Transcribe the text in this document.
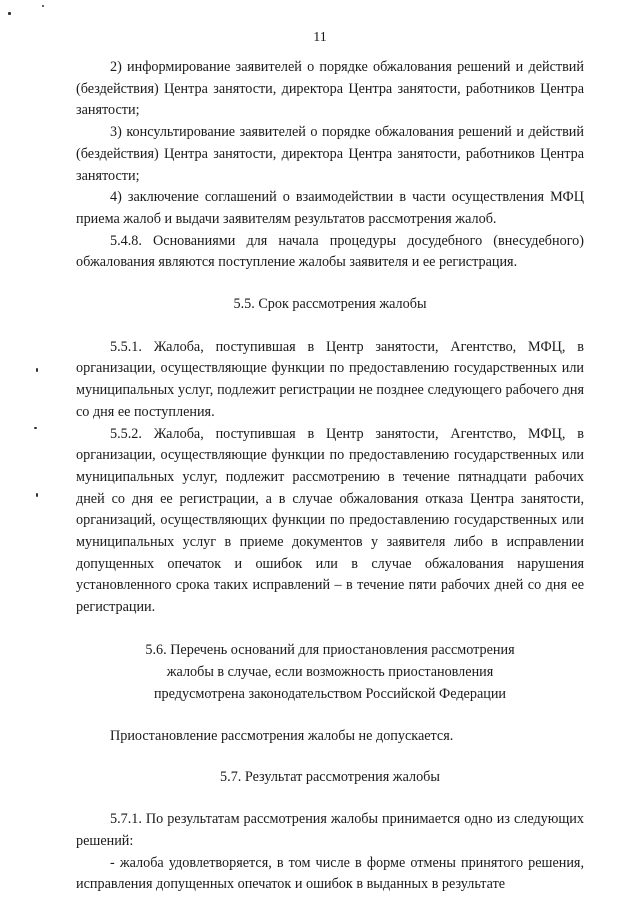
11

2) информирование заявителей о порядке обжалования решений и действий (бездействия) Центра занятости, директора Центра занятости, работников Центра занятости;

3) консультирование заявителей о порядке обжалования решений и действий (бездействия) Центра занятости, директора Центра занятости, работников Центра занятости;

4) заключение соглашений о взаимодействии в части осуществления МФЦ приема жалоб и выдачи заявителям результатов рассмотрения жалоб.

5.4.8. Основаниями для начала процедуры досудебного (внесудебного) обжалования являются поступление жалобы заявителя и ее регистрация.

5.5. Срок рассмотрения жалобы

5.5.1. Жалоба, поступившая в Центр занятости, Агентство, МФЦ, в организации, осуществляющие функции по предоставлению государственных или муниципальных услуг, подлежит регистрации не позднее следующего рабочего дня со дня ее поступления.

5.5.2. Жалоба, поступившая в Центр занятости, Агентство, МФЦ, в организации, осуществляющие функции по предоставлению государственных или муниципальных услуг, подлежит рассмотрению в течение пятнадцати рабочих дней со дня ее регистрации, а в случае обжалования отказа Центра занятости, организаций, осуществляющих функции по предоставлению государственных или муниципальных услуг в приеме документов у заявителя либо в исправлении допущенных опечаток и ошибок или в случае обжалования нарушения установленного срока таких исправлений – в течение пяти рабочих дней со дня ее регистрации.

5.6. Перечень оснований для приостановления рассмотрения
жалобы в случае, если возможность приостановления
предусмотрена законодательством Российской Федерации

Приостановление рассмотрения жалобы не допускается.

5.7. Результат рассмотрения жалобы

5.7.1. По результатам рассмотрения жалобы принимается одно из следующих решений:

- жалоба удовлетворяется, в том числе в форме отмены принятого решения, исправления допущенных опечаток и ошибок в выданных в результате
